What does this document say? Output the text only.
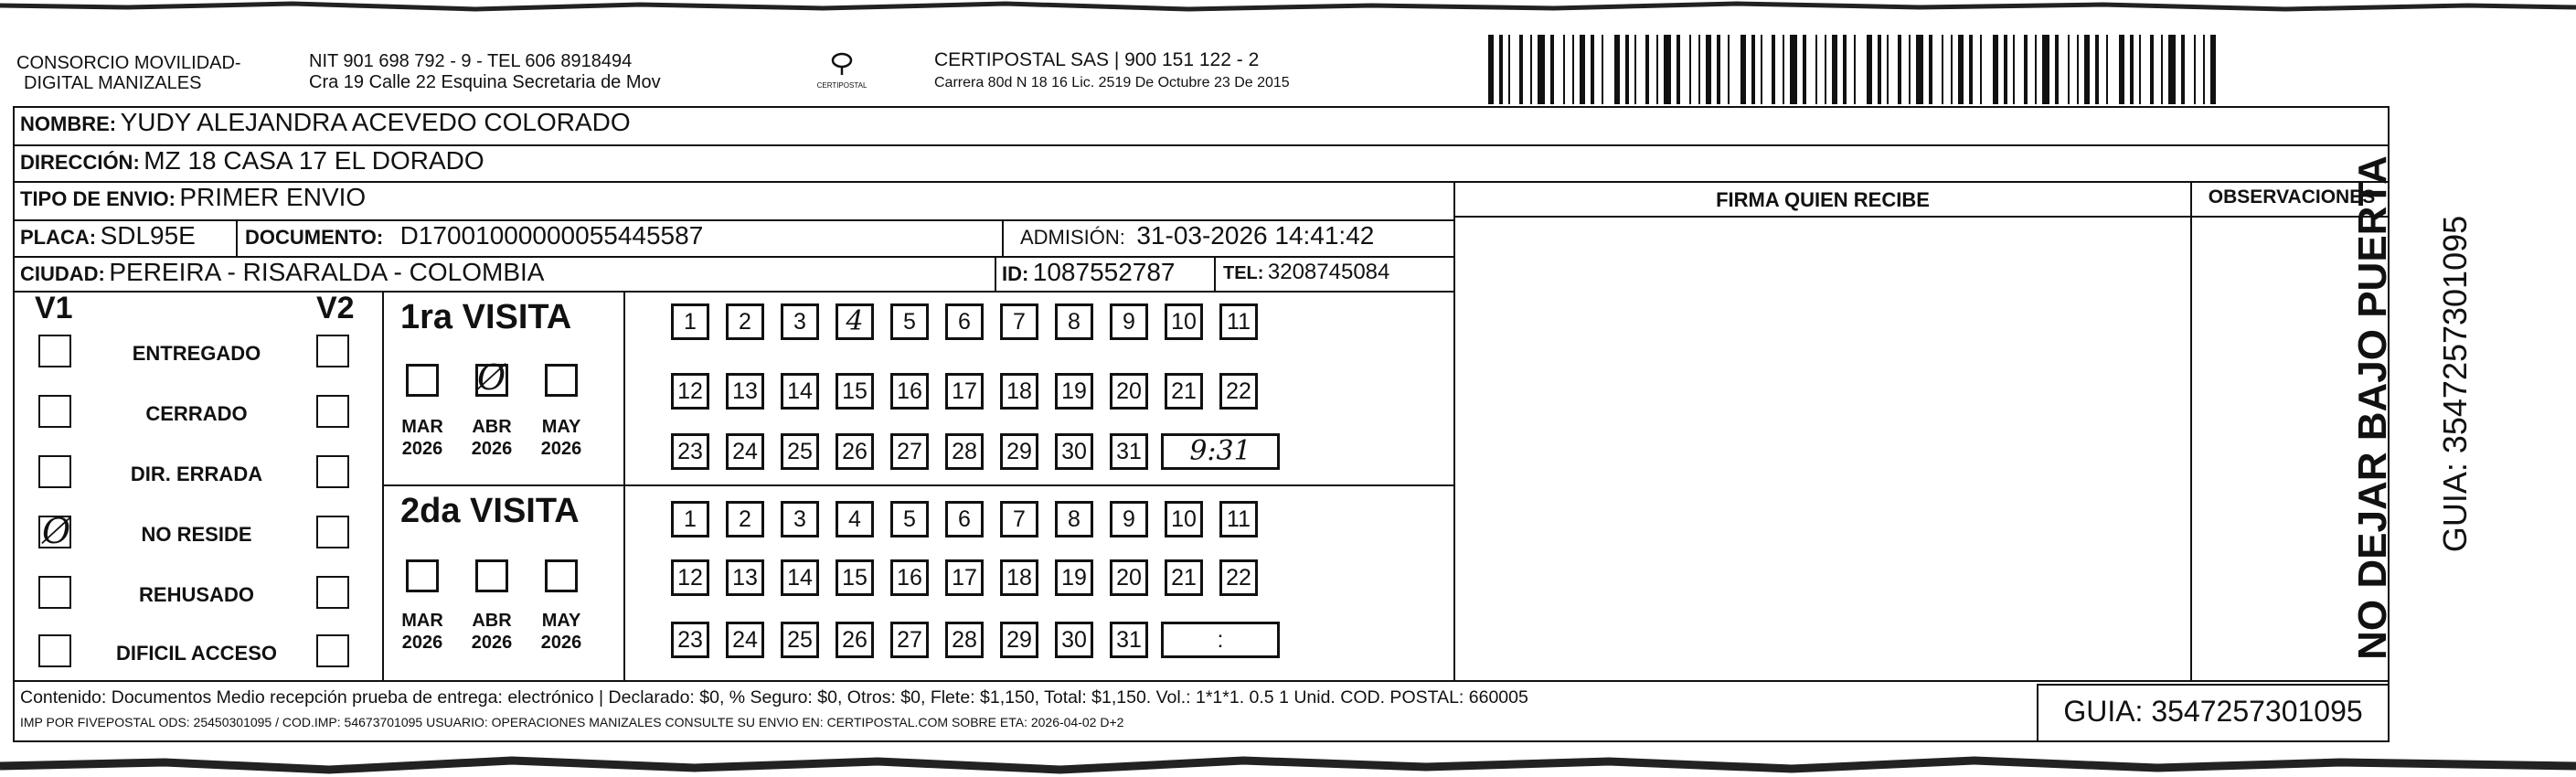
CONSORCIO MOVILIDAD-
DIGITAL MANIZALES
NIT 901 698 792 - 9 - TEL 606 8918494
Cra 19 Calle 22 Esquina Secretaria de Mov	CERTIPOSTAL
CERTIPOSTAL SAS | 900 151 122 - 2
Carrera 80d N 18 16 Lic. 2519 De Octubre 23 De 2015
NOMBRE: YUDY ALEJANDRA ACEVEDO COLORADO
DIRECCIÓN: MZ 18 CASA 17 EL DORADO
TIPO DE ENVIO: PRIMER ENVIO
PLACA: SDL95E DOCUMENTO: D17001000000055445587	ADMISIÓN: 31-03-2026 14:41:42
CIUDAD: PEREIRA - RISARALDA - COLOMBIA	ID: 1087552787	TEL: 3208745084
FIRMA QUIEN RECIBE	OBSERVACIONES
V1	V2
ENTREGADO
CERRADO
DIR. ERRADA
NO RESIDE
Ø
REHUSADO
DIFICIL ACCESO
1ra VISITA
2da VISITA
MAR
2026
ABR
2026
Ø
MAY
2026
MAR
2026
ABR
2026
MAY
2026
1	2	3	4	5	6	7	8	9	10	11
12 13 14 15 16 17 18 19 20 21 22
23 24 25 26 27 28 29 30 31	9:31
1	2	3	4	5	6	7	8	9	10	11
12 13 14 15 16 17 18 19 20 21 22
23 24 25 26 27 28 29 30 31	:
Contenido: Documentos Medio recepción prueba de entrega: electrónico | Declarado: $0, % Seguro: $0, Otros: $0, Flete: $1,150, Total: $1,150. Vol.: 1*1*1. 0.5 1 Unid. COD. POSTAL: 660005
IMP POR FIVEPOSTAL ODS: 25450301095 / COD.IMP: 54673701095 USUARIO: OPERACIONES MANIZALES CONSULTE SU ENVIO EN: CERTIPOSTAL.COM SOBRE ETA: 2026-04-02 D+2	GUIA: 3547257301095
NO DEJAR BAJO PUERTA GUIA: 3547257301095
